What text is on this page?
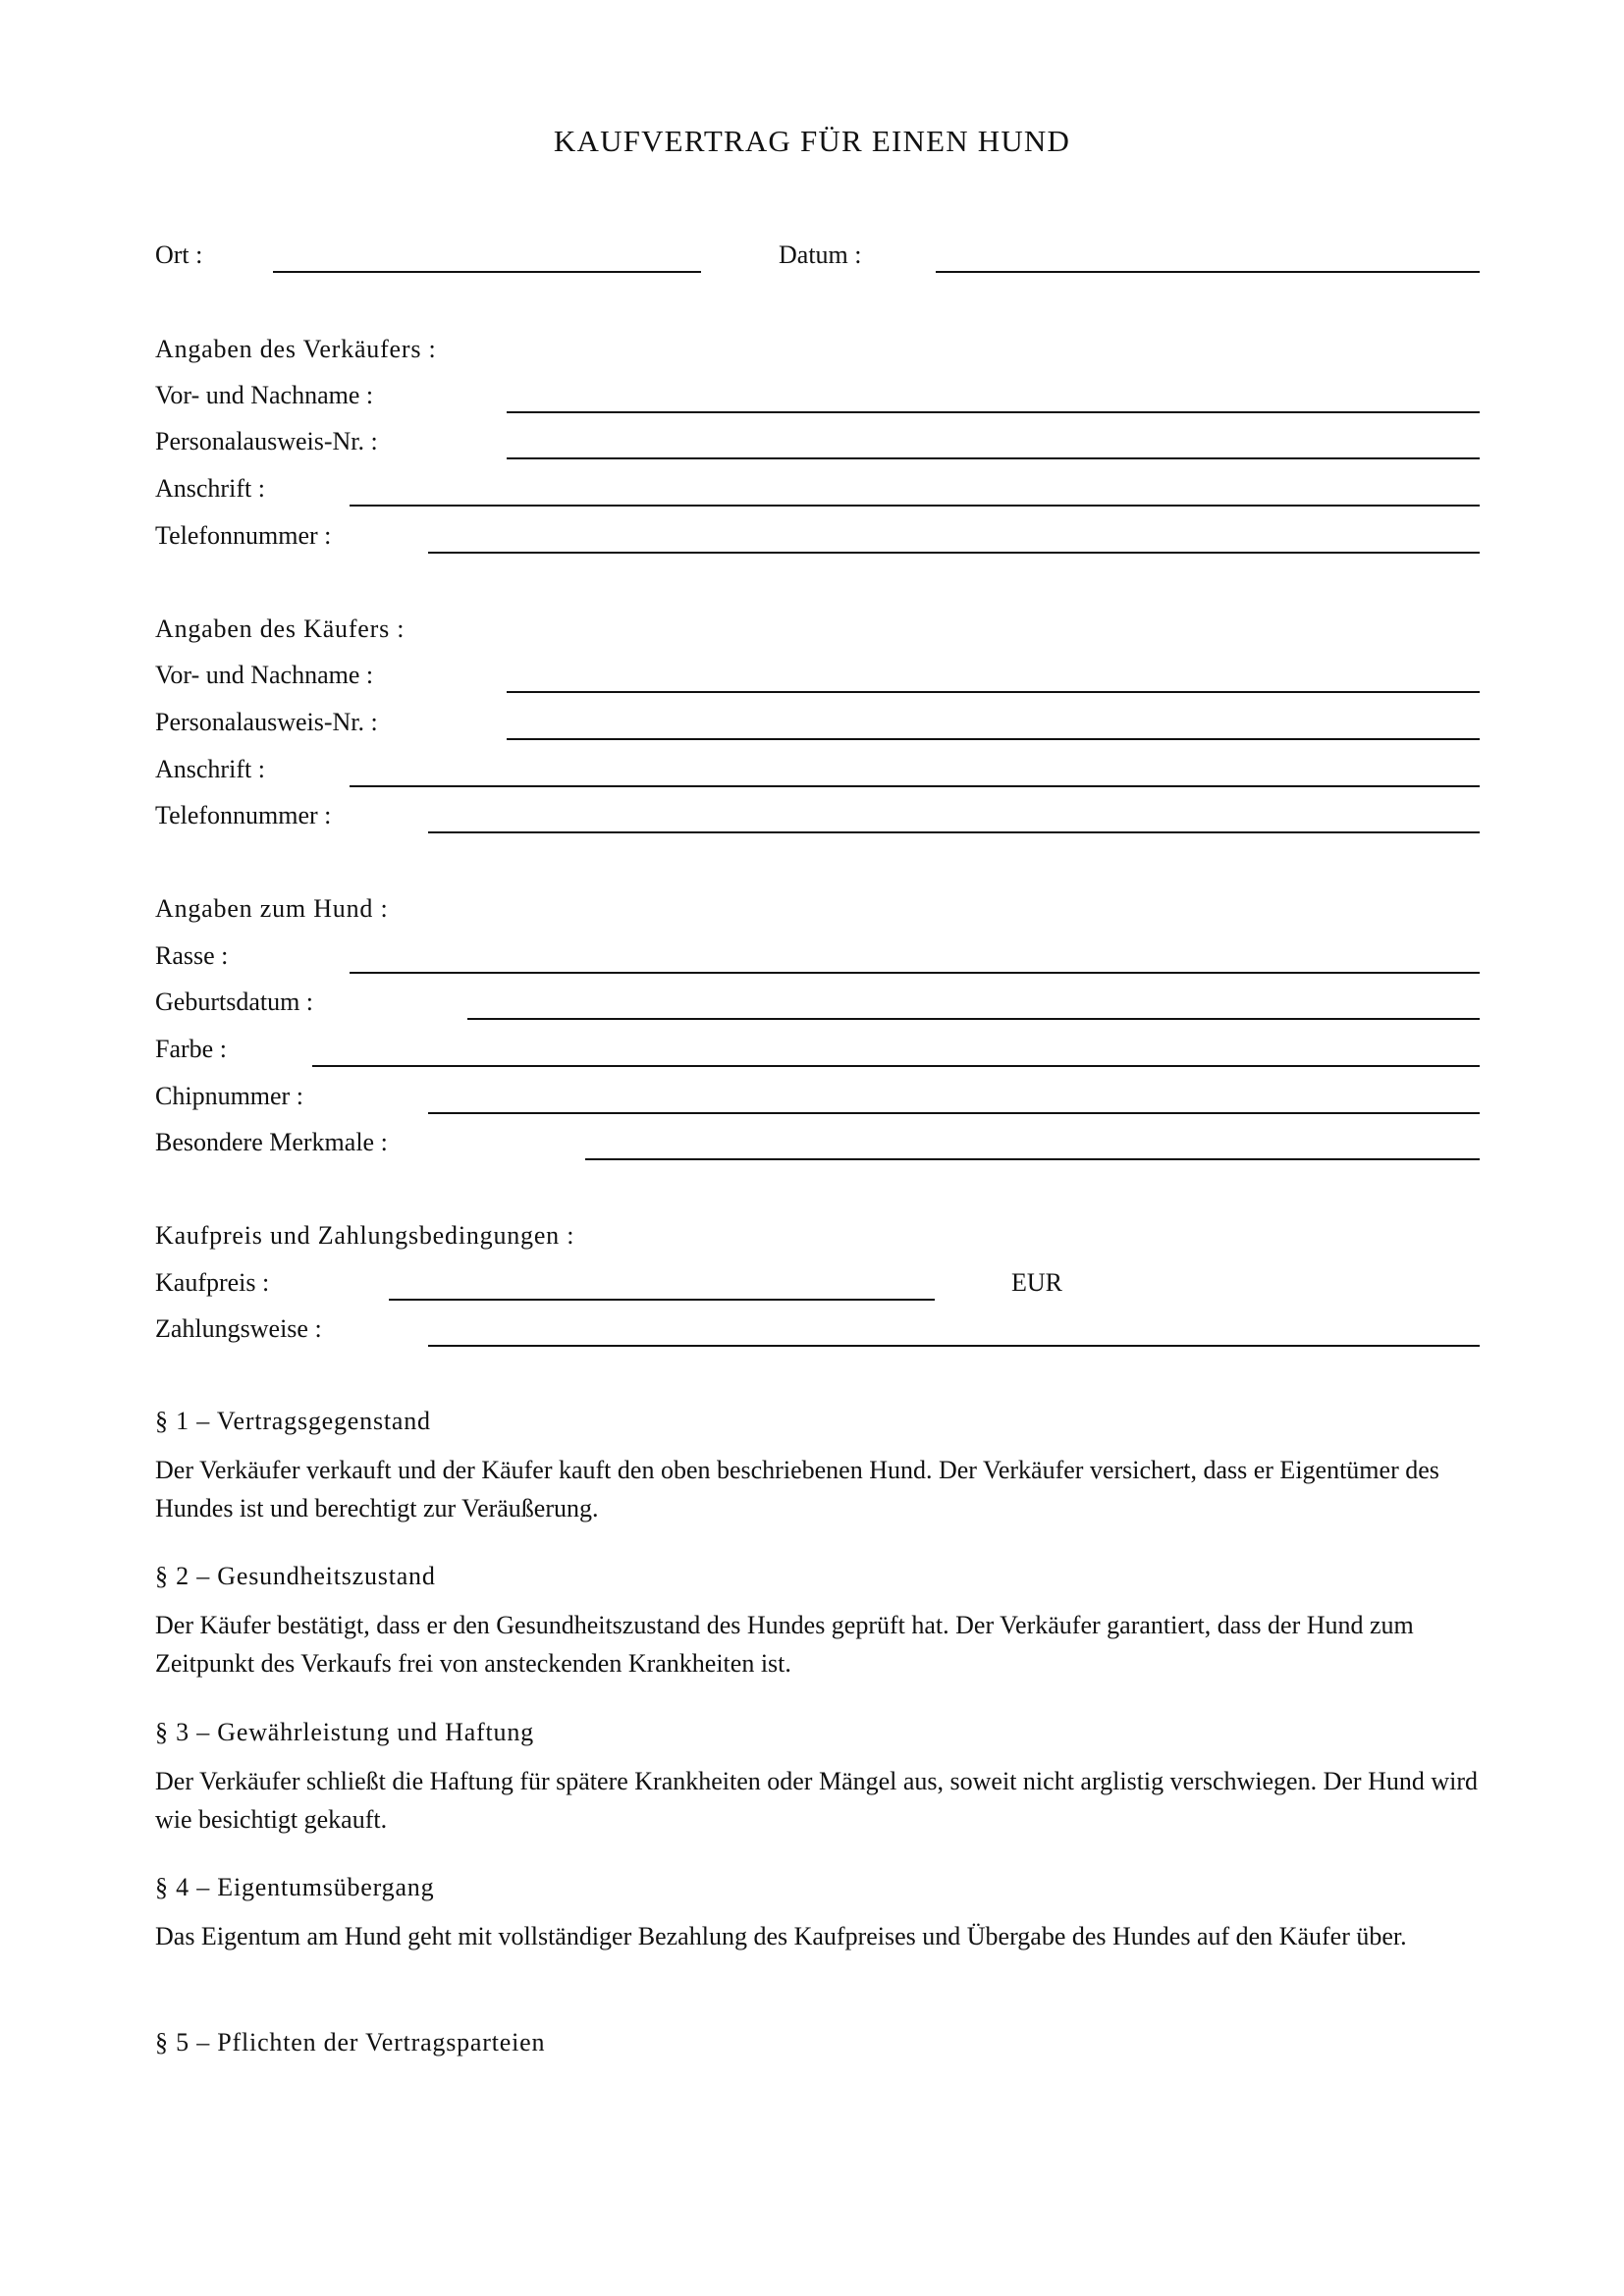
KAUFVERTRAG FÜR EINEN HUND
Ort :	Datum :
Angaben des Verkäufers :
Vor- und Nachname :
Personalausweis-Nr. :
Anschrift :
Telefonnummer :
Angaben des Käufers :
Vor- und Nachname :
Personalausweis-Nr. :
Anschrift :
Telefonnummer :
Angaben zum Hund :
Rasse :
Geburtsdatum :
Farbe :
Chipnummer :
Besondere Merkmale :
Kaufpreis und Zahlungsbedingungen :
Kaufpreis :	EUR
Zahlungsweise :
§ 1 – Vertragsgegenstand
Der Verkäufer verkauft und der Käufer kauft den oben beschriebenen Hund. Der Verkäufer versichert, dass er Eigentümer des Hundes ist und berechtigt zur Veräußerung.
§ 2 – Gesundheitszustand
Der Käufer bestätigt, dass er den Gesundheitszustand des Hundes geprüft hat. Der Verkäufer garantiert, dass der Hund zum Zeitpunkt des Verkaufs frei von ansteckenden Krankheiten ist.
§ 3 – Gewährleistung und Haftung
Der Verkäufer schließt die Haftung für spätere Krankheiten oder Mängel aus, soweit nicht arglistig verschwiegen. Der Hund wird wie besichtigt gekauft.
§ 4 – Eigentumsübergang
Das Eigentum am Hund geht mit vollständiger Bezahlung des Kaufpreises und Übergabe des Hundes auf den Käufer über.
§ 5 – Pflichten der Vertragsparteien
